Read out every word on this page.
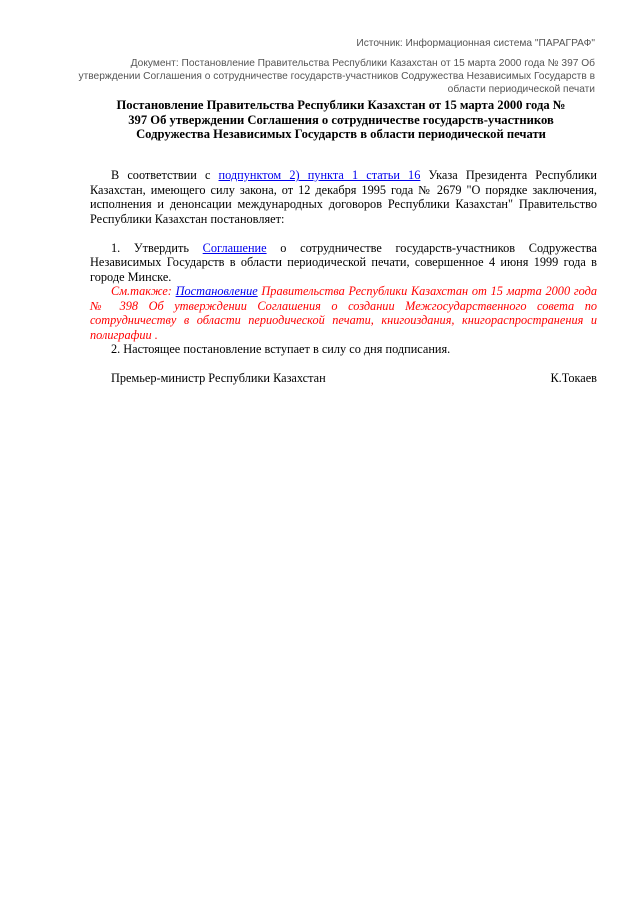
Источник: Информационная система "ПАРАГРАФ"
Документ: Постановление Правительства Республики Казахстан от 15 марта 2000 года № 397 Об утверждении Соглашения о сотрудничестве государств-участников Содружества Независимых Государств в области периодической печати
Постановление Правительства Республики Казахстан от 15 марта 2000 года № 397 Об утверждении Соглашения о сотрудничестве государств-участников Содружества Независимых Государств в области периодической печати

В соответствии с подпунктом 2) пункта 1 статьи 16 Указа Президента Республики Казахстан, имеющего силу закона, от 12 декабря 1995 года № 2679 "О порядке заключения, исполнения и денонсации международных договоров Республики Казахстан" Правительство Республики Казахстан постановляет:

1. Утвердить Соглашение о сотрудничестве государств-участников Содружества Независимых Государств в области периодической печати, совершенное 4 июня 1999 года в городе Минске.

См.также: Постановление Правительства Республики Казахстан от 15 марта 2000 года № 398 Об утверждении Соглашения о создании Межгосударственного совета по сотрудничеству в области периодической печати, книгоиздания, книгораспространения и полиграфии .

2. Настоящее постановление вступает в силу со дня подписания.

Премьер-министр Республики Казахстан	К.Токаев
